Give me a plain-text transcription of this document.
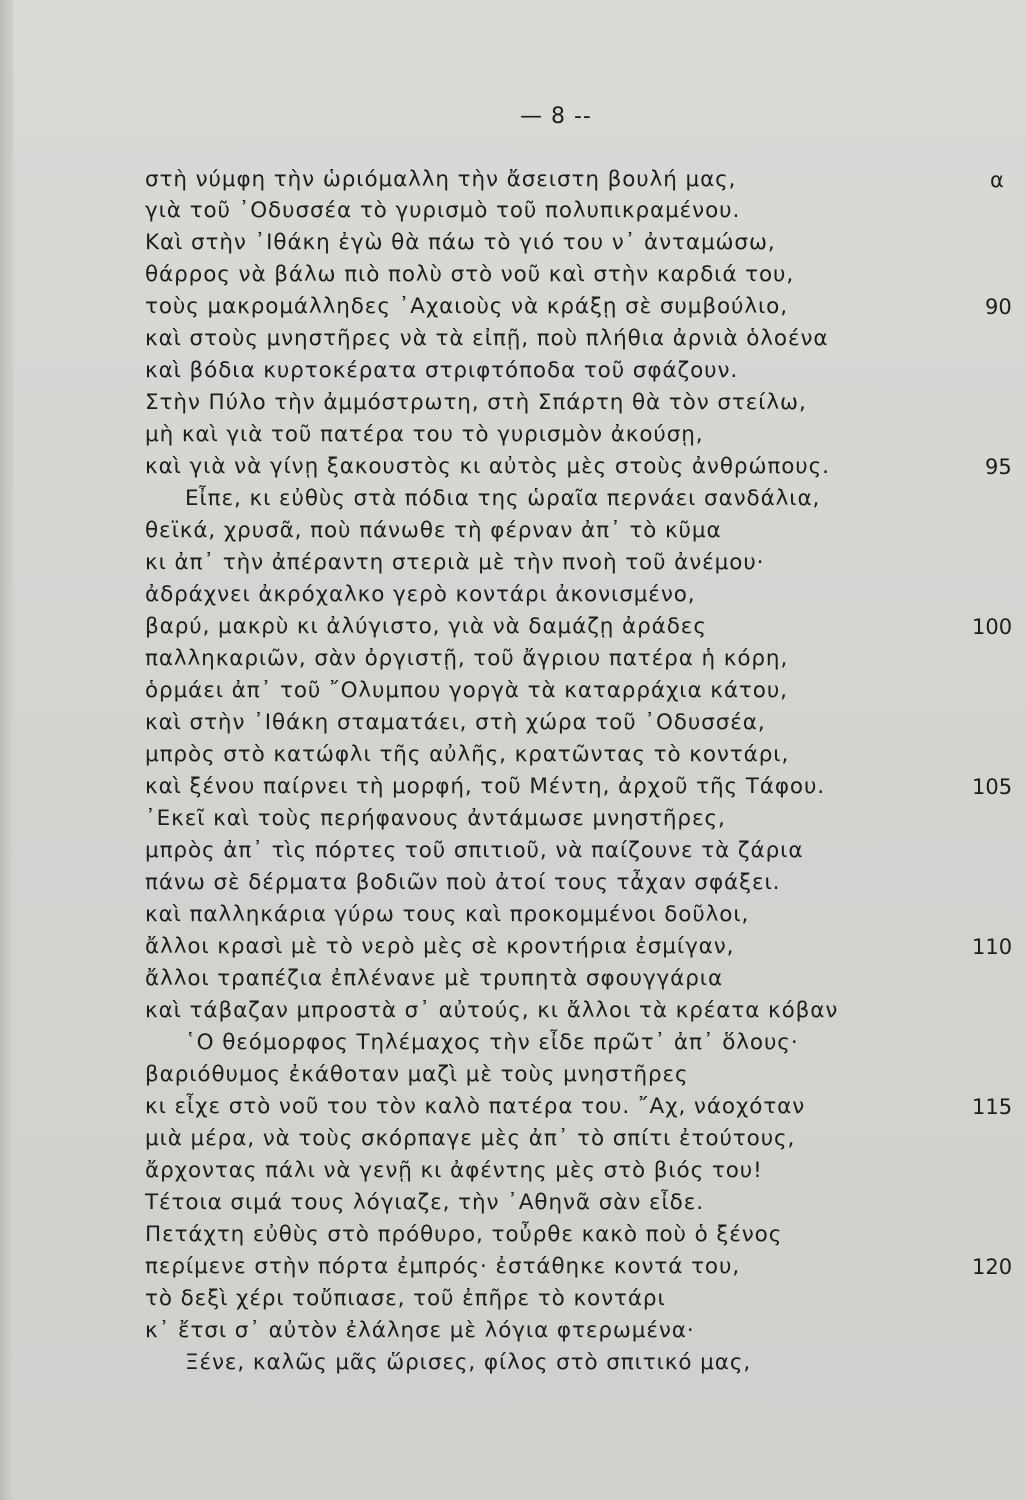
— 8 --
στὴ νύμφη τὴν ὡριόμαλλη τὴν ἄσειστη βουλή μας,
γιὰ τοῦ ᾿Οδυσσέα τὸ γυρισμὸ τοῦ πολυπικραμένου.
Καὶ στὴν ᾿Ιθάκη ἐγὼ θὰ πάω τὸ γιό του ν᾿ ἀνταμώσω,
θάρρος νὰ βάλω πιὸ πολὺ στὸ νοῦ καὶ στὴν καρδιά του,
τοὺς μακρομάλληδες ᾿Αχαιοὺς νὰ κράξῃ σὲ συμβούλιο,
καὶ στοὺς μνηστῆρες νὰ τὰ εἰπῇ, ποὺ πλήθια ἀρνιὰ ὁλοένα
καὶ βόδια κυρτοκέρατα στριφτόποδα τοῦ σφάζουν.
Στὴν Πύλο τὴν ἀμμόστρωτη, στὴ Σπάρτη θὰ τὸν στείλω,
μὴ καὶ γιὰ τοῦ πατέρα του τὸ γυρισμὸν ἀκούσῃ,
καὶ γιὰ νὰ γίνῃ ξακουστὸς κι αὐτὸς μὲς στοὺς ἀνθρώπους.
Εἶπε, κι εὐθὺς στὰ πόδια της ὡραῖα περνάει σανδάλια,
θεϊκά, χρυσᾶ, ποὺ πάνωθε τὴ φέρναν ἀπ᾿ τὸ κῦμα
κι ἀπ᾿ τὴν ἀπέραντη στεριὰ μὲ τὴν πνοὴ τοῦ ἀνέμου·
ἀδράχνει ἀκρόχαλκο γερὸ κοντάρι ἀκονισμένο,
βαρύ, μακρὺ κι ἀλύγιστο, γιὰ νὰ δαμάζῃ ἀράδες
παλληκαριῶν, σὰν ὀργιστῇ, τοῦ ἄγριου πατέρα ἡ κόρη,
ὁρμάει ἀπ᾿ τοῦ ῎Ολυμπου γοργὰ τὰ καταρράχια κάτου,
καὶ στὴν ᾿Ιθάκη σταματάει, στὴ χώρα τοῦ ᾿Οδυσσέα,
μπρὸς στὸ κατώφλι τῆς αὐλῆς, κρατῶντας τὸ κοντάρι,
καὶ ξένου παίρνει τὴ μορφή, τοῦ Μέντη, ἀρχοῦ τῆς Τάφου.
᾿Εκεῖ καὶ τοὺς περήφανους ἀντάμωσε μνηστῆρες,
μπρὸς ἀπ᾿ τὶς πόρτες τοῦ σπιτιοῦ, νὰ παίζουνε τὰ ζάρια
πάνω σὲ δέρματα βοδιῶν ποὺ ἀτοί τους τἆχαν σφάξει.
καὶ παλληκάρια γύρω τους καὶ προκομμένοι δοῦλοι,
ἄλλοι κρασὶ μὲ τὸ νερὸ μὲς σὲ κροντήρια ἐσμίγαν,
ἄλλοι τραπέζια ἐπλένανε μὲ τρυπητὰ σφουγγάρια
καὶ τάβαζαν μπροστὰ σ᾿ αὐτούς, κι ἄλλοι τὰ κρέατα κόβαν
῾Ο θεόμορφος Τηλέμαχος τὴν εἶδε πρῶτ᾿ ἀπ᾿ ὅλους·
βαριόθυμος ἐκάθοταν μαζὶ μὲ τοὺς μνηστῆρες
κι εἶχε στὸ νοῦ του τὸν καλὸ πατέρα του. ῎Αχ, νάοχόταν
μιὰ μέρα, νὰ τοὺς σκόρπαγε μὲς ἀπ᾿ τὸ σπίτι ἐτούτους,
ἄρχοντας πάλι νὰ γενῇ κι ἀφέντης μὲς στὸ βιός του!
Τέτοια σιμά τους λόγιαζε, τὴν ᾿Αθηνᾶ σὰν εἶδε.
Πετάχτη εὐθὺς στὸ πρόθυρο, τοὖρθε κακὸ ποὺ ὁ ξένος
περίμενε στὴν πόρτα ἐμπρός· ἐστάθηκε κοντά του,
τὸ δεξὶ χέρι τοὔπιασε, τοῦ ἐπῆρε τὸ κοντάρι
κ᾿ ἔτσι σ᾿ αὐτὸν ἐλάλησε μὲ λόγια φτερωμένα·
Ξένε, καλῶς μᾶς ὥρισες, φίλος στὸ σπιτικό μας,
α
90
95
100
105
110
115
120
